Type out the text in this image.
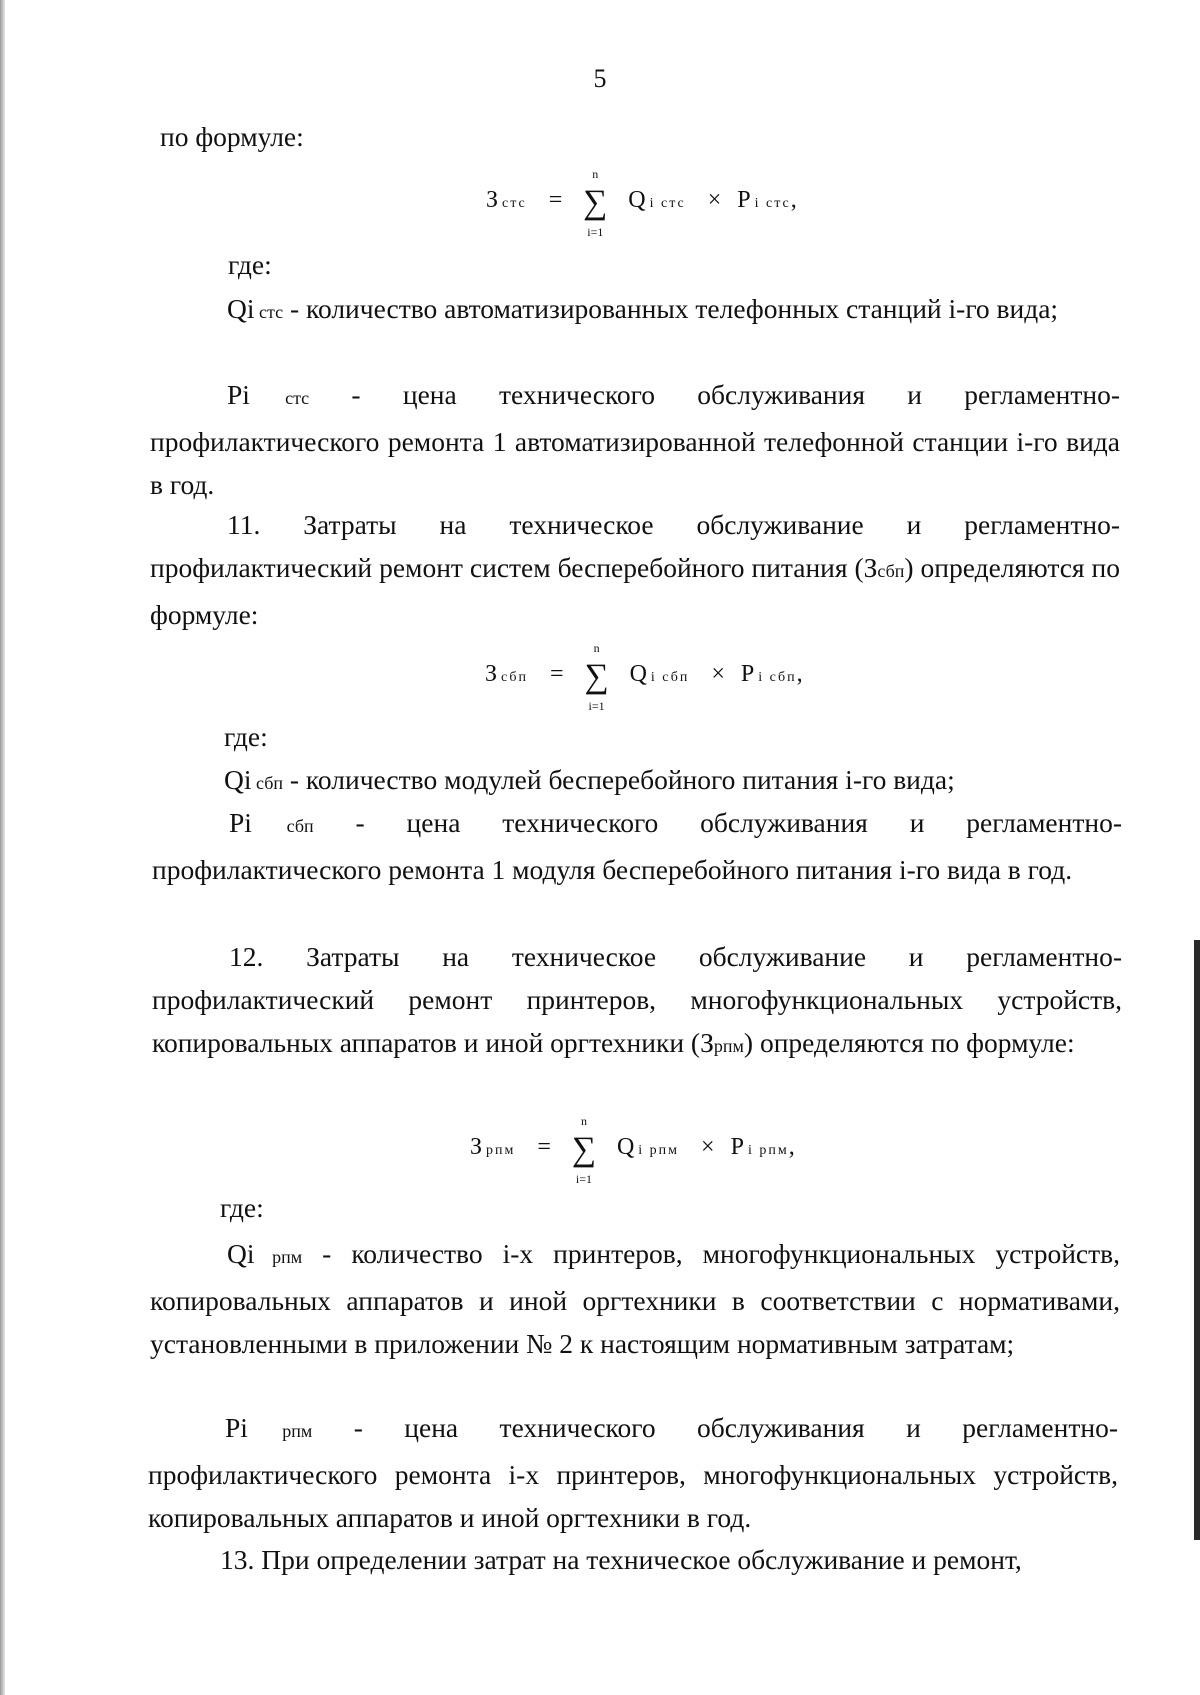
5

по формуле:

Зстс = ∑
n
i=1
Q i стс × P i стс,

где:

Qi стс - количество автоматизированных телефонных станций i-го вида;

Pi   стс   -   цена   технического   обслуживания   и   регламентно-профилактического ремонта 1 автоматизированной телефонной станции i-го вида в год.

11. Затраты на техническое обслуживание и регламентно-профилактический ремонт систем бесперебойного питания (Зсбп) определяются по формуле:

Зсбп = ∑
n
i=1
Q i сбп × P i сбп,

где:

Qi сбп - количество модулей бесперебойного питания i-го вида;

Pi   сбп   -   цена   технического   обслуживания   и   регламентно-профилактического ремонта 1 модуля бесперебойного питания i-го вида в год.

12. Затраты на техническое обслуживание и регламентно-профилактический ремонт принтеров, многофункциональных устройств, копировальных аппаратов и иной оргтехники (Зрпм) определяются по формуле:

Зрпм = ∑
n
i=1
Q i рпм × P i рпм,

где:

Qi рпм - количество i-х принтеров, многофункциональных устройств, копировальных аппаратов и иной оргтехники в соответствии с нормативами, установленными в приложении № 2 к настоящим нормативным затратам;

Pi   рпм   -   цена   технического   обслуживания   и   регламентно-профилактического ремонта i-х принтеров, многофункциональных устройств, копировальных аппаратов и иной оргтехники в год.

13. При определении затрат на техническое обслуживание и ремонт,
